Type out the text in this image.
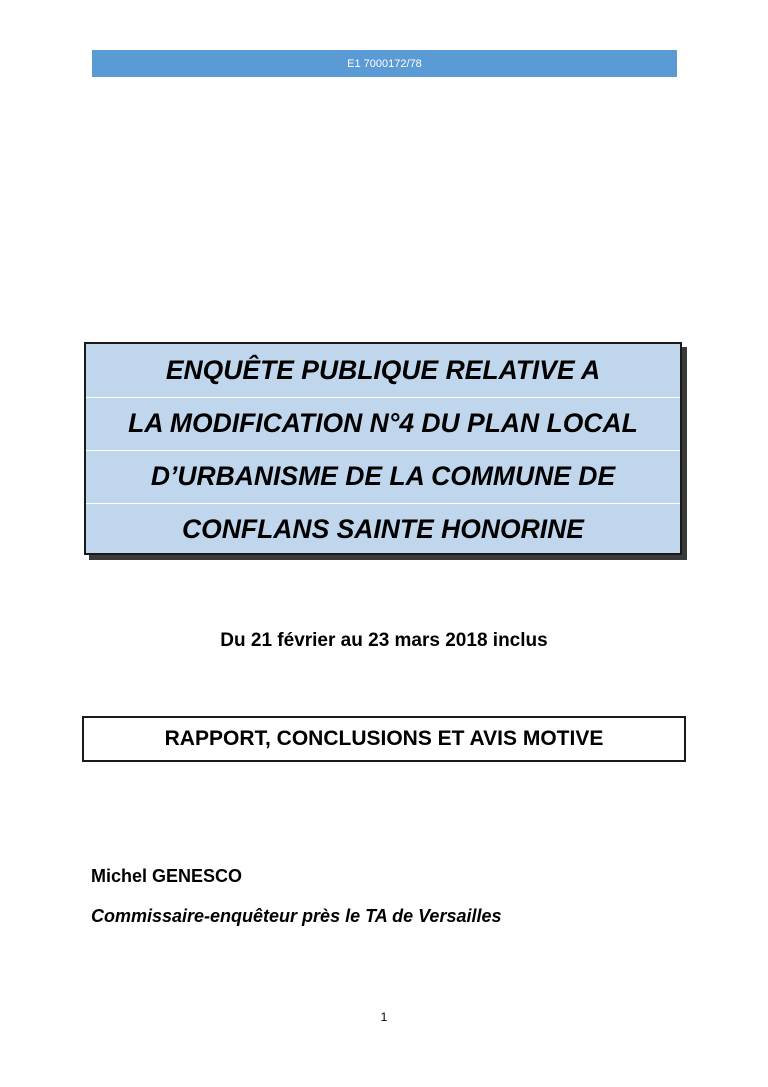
E1 7000172/78
ENQUÊTE PUBLIQUE RELATIVE A
LA MODIFICATION N°4 DU PLAN LOCAL
D’URBANISME DE LA COMMUNE DE
CONFLANS SAINTE HONORINE
Du 21 février au 23 mars 2018 inclus
RAPPORT, CONCLUSIONS ET AVIS MOTIVE
Michel GENESCO
Commissaire-enquêteur près le TA de Versailles
1
